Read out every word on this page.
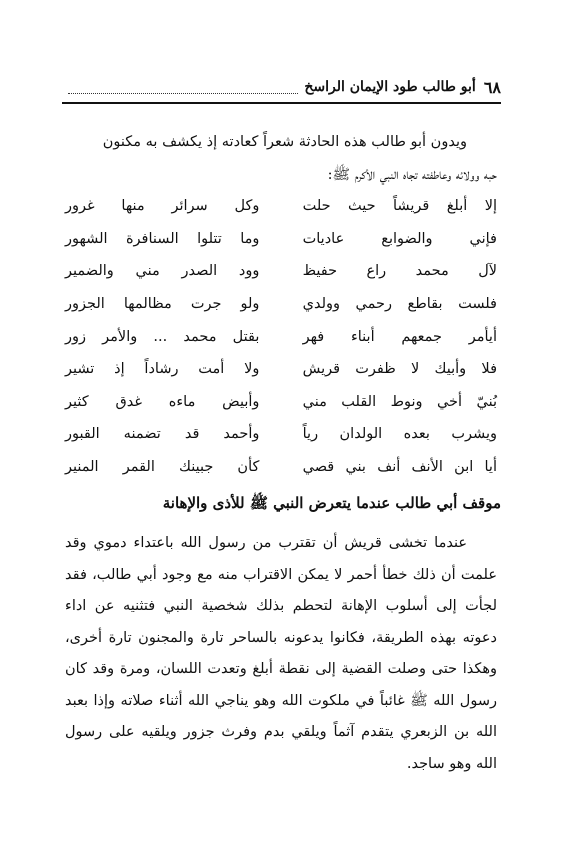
٦٨
أبو طالب طود الإيمان الراسخ

ويدون أبو طالب هذه الحادثة شعراً كعادته إذ يكشف به مكنون

حبه وولائه وعاطفته تجاه النبي الأكرم ﷺ:

إلا أبلغ قريشاً حيث حلت
وكل سرائر منها غرور
فإني والضوابع عاديات
وما تتلوا السنافرة الشهور
لآل محمد راع حفيظ
وود الصدر مني والضمير
فلست بقاطع رحمي وولدي
ولو جرت مظالمها الجزور
أيأمر جمعهم أبناء فهر
بقتل محمد ... والأمر زور
فلا وأبيك لا ظفرت قريش
ولا أمت رشاداً إذ تشير
بُنيّ أخي ونوط القلب مني
وأبيض ماءه غدق كثير
ويشرب بعده الولدان رياً
وأحمد قد تضمنه القبور
أيا ابن الأنف أنف بني قصي
كأن جبينك القمر المنير
موقف أبي طالب عندما يتعرض النبي ﷺ للأذى والإهانة

عندما تخشى قريش أن تقترب من رسول الله باعتداء دموي وقد علمت أن ذلك خطأ أحمر لا يمكن الاقتراب منه مع وجود أبي طالب، فقد لجأت إلى أسلوب الإهانة لتحطم بذلك شخصية النبي فتثنيه عن اداء دعوته بهذه الطريقة، فكانوا يدعونه بالساحر تارة والمجنون تارة أخرى، وهكذا حتى وصلت القضية إلى نقطة أبلغ وتعدت اللسان، ومرة وقد كان رسول الله ﷺ غائباً في ملكوت الله وهو يناجي الله أثناء صلاته وإذا بعبد الله بن الزبعري يتقدم آثماً ويلقي بدم وفرث جزور ويلقيه على رسول الله وهو ساجد.
